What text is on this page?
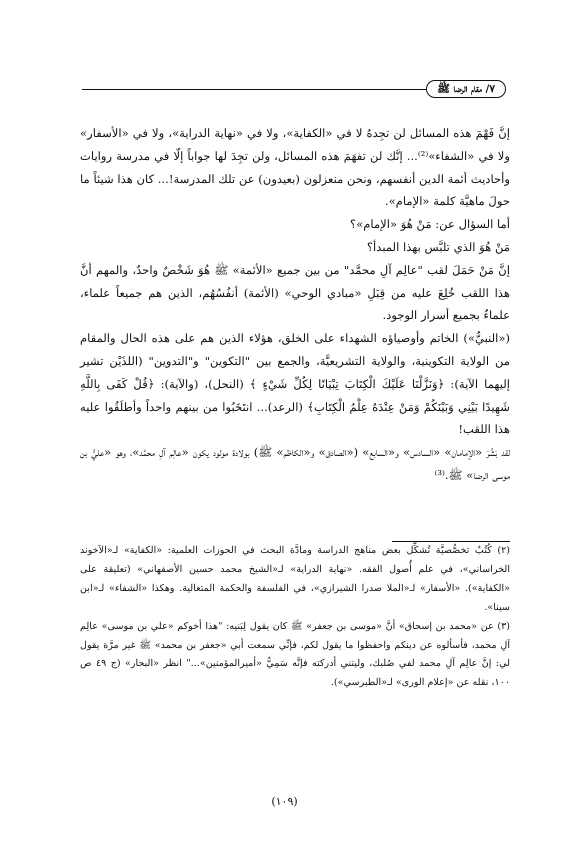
٧/ مقام الرضا ﷺ

إنَّ فَهْمَ هذه المسائل لن تجِدهُ لا في «الكفاية»، ولا في «نهاية الدراية»، ولا في «الأسفار» ولا في «الشفاء»⁽²⁾... إنَّك لن تفهَمَ هذه المسائل، ولن تجِدَ لها جواباً إلّا في مدرسة روايات وأحاديث أئمة الدين أنفسهم، ونحن منعزلون (بعيدون) عن تلك المدرسة!... كان هذا شيئاً ما حولَ ماهيَّة كلمة «الإمام».

أما السؤال عن: مَنْ هُوَ «الإمام»؟

مَنْ هُوَ الذي تلبَّس بهذا المبدأ؟

إنَّ مَنْ حَمَلَ لقب "عالِم آلِ محمَّد" من بين جميع «الأئمة» ﷺ هُوَ شَخْصٌ واحدٌ، والمهم أنَّ هذا اللقب خُلِعَ عليه من قِبَلِ «مبادي الوحي» (الأئمة) أنفُسُهُم، الذين هم جميعاً علماء، علماءٌ بجميع أسرار الوجود.

(«النبيُّ») الخاتم وأوصياؤه الشهداء على الخلق، هؤلاء الذين هم على هذه الحال والمقام من الولاية التكوينية، والولاية التشريعيَّة، والجمع بين "التكوين" و"التدوين" (اللذَيْن تشير إليهما الآية): ﴿وَنَزَّلْنَا عَلَيْكَ الْكِتَابَ تِبْيَانًا لِكُلِّ شَيْءٍ ﴾ (النحل)، (والآية): ﴿قُلْ كَفَى بِاللَّهِ شَهِيدًا بَيْنِي وَبَيْنَكُمْ وَمَنْ عِنْدَهُ عِلْمُ الْكِتَابِ﴾ (الرعد)... انتَخَبُوا من بينهم واحداً وأطلَقُوا عليه هذا اللقب!

لقد بَشَّرَ «الإمامان» «السادس» و«السابع» («الصادق» و«الكاظم» ﷺ) بولادة مولود يكون «عالِم آلِ محمَّد»، وهو «عليُّ بن موسى الرضا» ﷺ.⁽³⁾

(٢) كُتُبٌ تخصُّصيَّة تُشكِّل بعض مناهج الدراسة ومادَّة البحث في الحوزات العلمية: «الكفاية» لـ«الآخوند الخراساني»، في علم أُصول الفقه. «نهاية الدراية» لـ«الشيخ محمد حسين الأصفهاني» (تعليقة على «الكفاية»). «الأسفار» لـ«الملا صدرا الشيرازي»، في الفلسفة والحكمة المتعالية. وهكذا «الشفاء» لـ«ابن سينا».

(٣) عن «محمد بن إسحاق» أنَّ «موسى بن جعفر» ﷺ كان يقول لِبَنيه: "هذا أخوكم «علي بن موسى» عالِم آلِ محمد، فأسألوه عن دينكم واحفظوا ما يقول لكم، فإنِّي سمعت أبي «جعفر بن محمد» ﷺ غير مرَّة يقول لي: إنَّ عالِم آلِ محمد لفي صُلبك، وليتني أدركته فإنَّه سَمِيُّ «أميرالمؤمنين»..." انظر «البحار» (ج ٤٩ ص ١٠٠، نقله عن «إعلام الورى» لـ«الطبرسي»).

(١٠٩)
